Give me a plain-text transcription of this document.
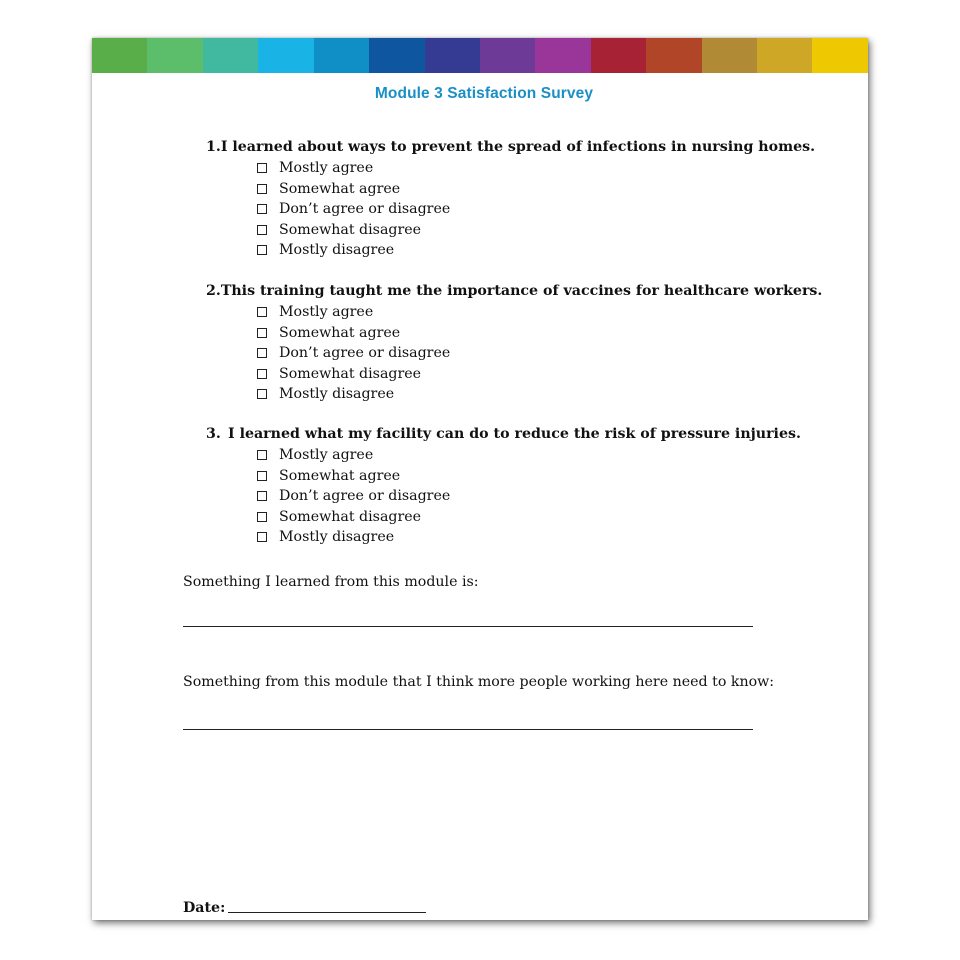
Module 3 Satisfaction Survey
1. I learned about ways to prevent the spread of infections in nursing homes.
Mostly agree
Somewhat agree
Don’t agree or disagree
Somewhat disagree
Mostly disagree
2. This training taught me the importance of vaccines for healthcare workers.
Mostly agree
Somewhat agree
Don’t agree or disagree
Somewhat disagree
Mostly disagree
3. I learned what my facility can do to reduce the risk of pressure injuries.
Mostly agree
Somewhat agree
Don’t agree or disagree
Somewhat disagree
Mostly disagree
Something I learned from this module is:
Something from this module that I think more people working here need to know:
Date:
